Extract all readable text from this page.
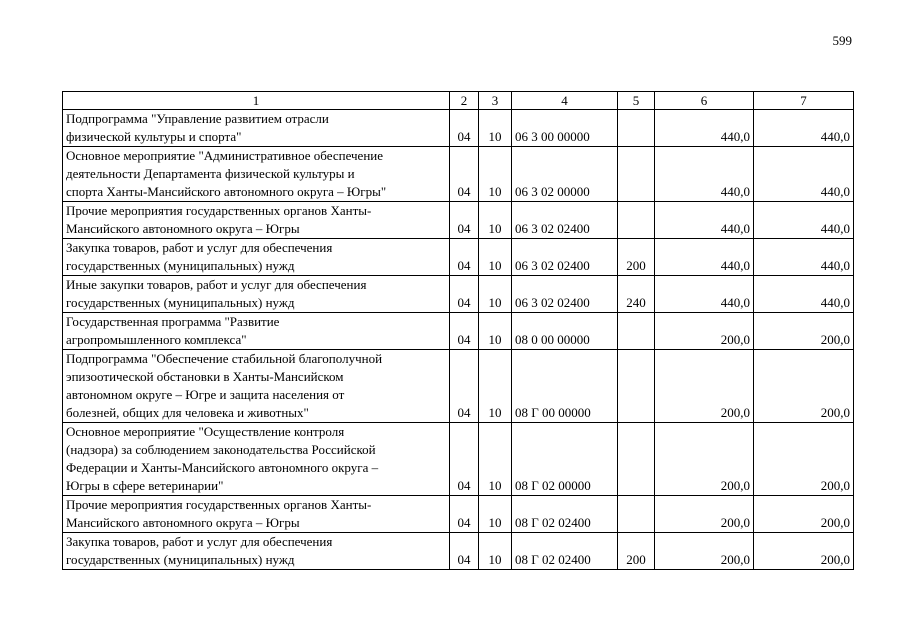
599
1	2	3	4	5	6	7
Подпрограмма "Управление развитием отрасли
физической культуры и спорта"	04	10	06 3 00 00000		440,0	440,0
Основное мероприятие "Административное обеспечение
деятельности Департамента физической культуры и
спорта Ханты-Мансийского автономного округа – Югры"	04	10	06 3 02 00000		440,0	440,0
Прочие мероприятия государственных органов Ханты-
Мансийского автономного округа – Югры	04	10	06 3 02 02400		440,0	440,0
Закупка товаров, работ и услуг для обеспечения
государственных (муниципальных) нужд	04	10	06 3 02 02400	200	440,0	440,0
Иные закупки товаров, работ и услуг для обеспечения
государственных (муниципальных) нужд	04	10	06 3 02 02400	240	440,0	440,0
Государственная программа "Развитие
агропромышленного комплекса"	04	10	08 0 00 00000		200,0	200,0
Подпрограмма "Обеспечение стабильной благополучной
эпизоотической обстановки в Ханты-Мансийском
автономном округе – Югре и защита населения от
болезней, общих для человека и животных"	04	10	08 Г 00 00000		200,0	200,0
Основное мероприятие "Осуществление контроля
(надзора) за соблюдением законодательства Российской
Федерации и Ханты-Мансийского автономного округа –
Югры в сфере ветеринарии"	04	10	08 Г 02 00000		200,0	200,0
Прочие мероприятия государственных органов Ханты-
Мансийского автономного округа – Югры	04	10	08 Г 02 02400		200,0	200,0
Закупка товаров, работ и услуг для обеспечения
государственных (муниципальных) нужд	04	10	08 Г 02 02400	200	200,0	200,0
